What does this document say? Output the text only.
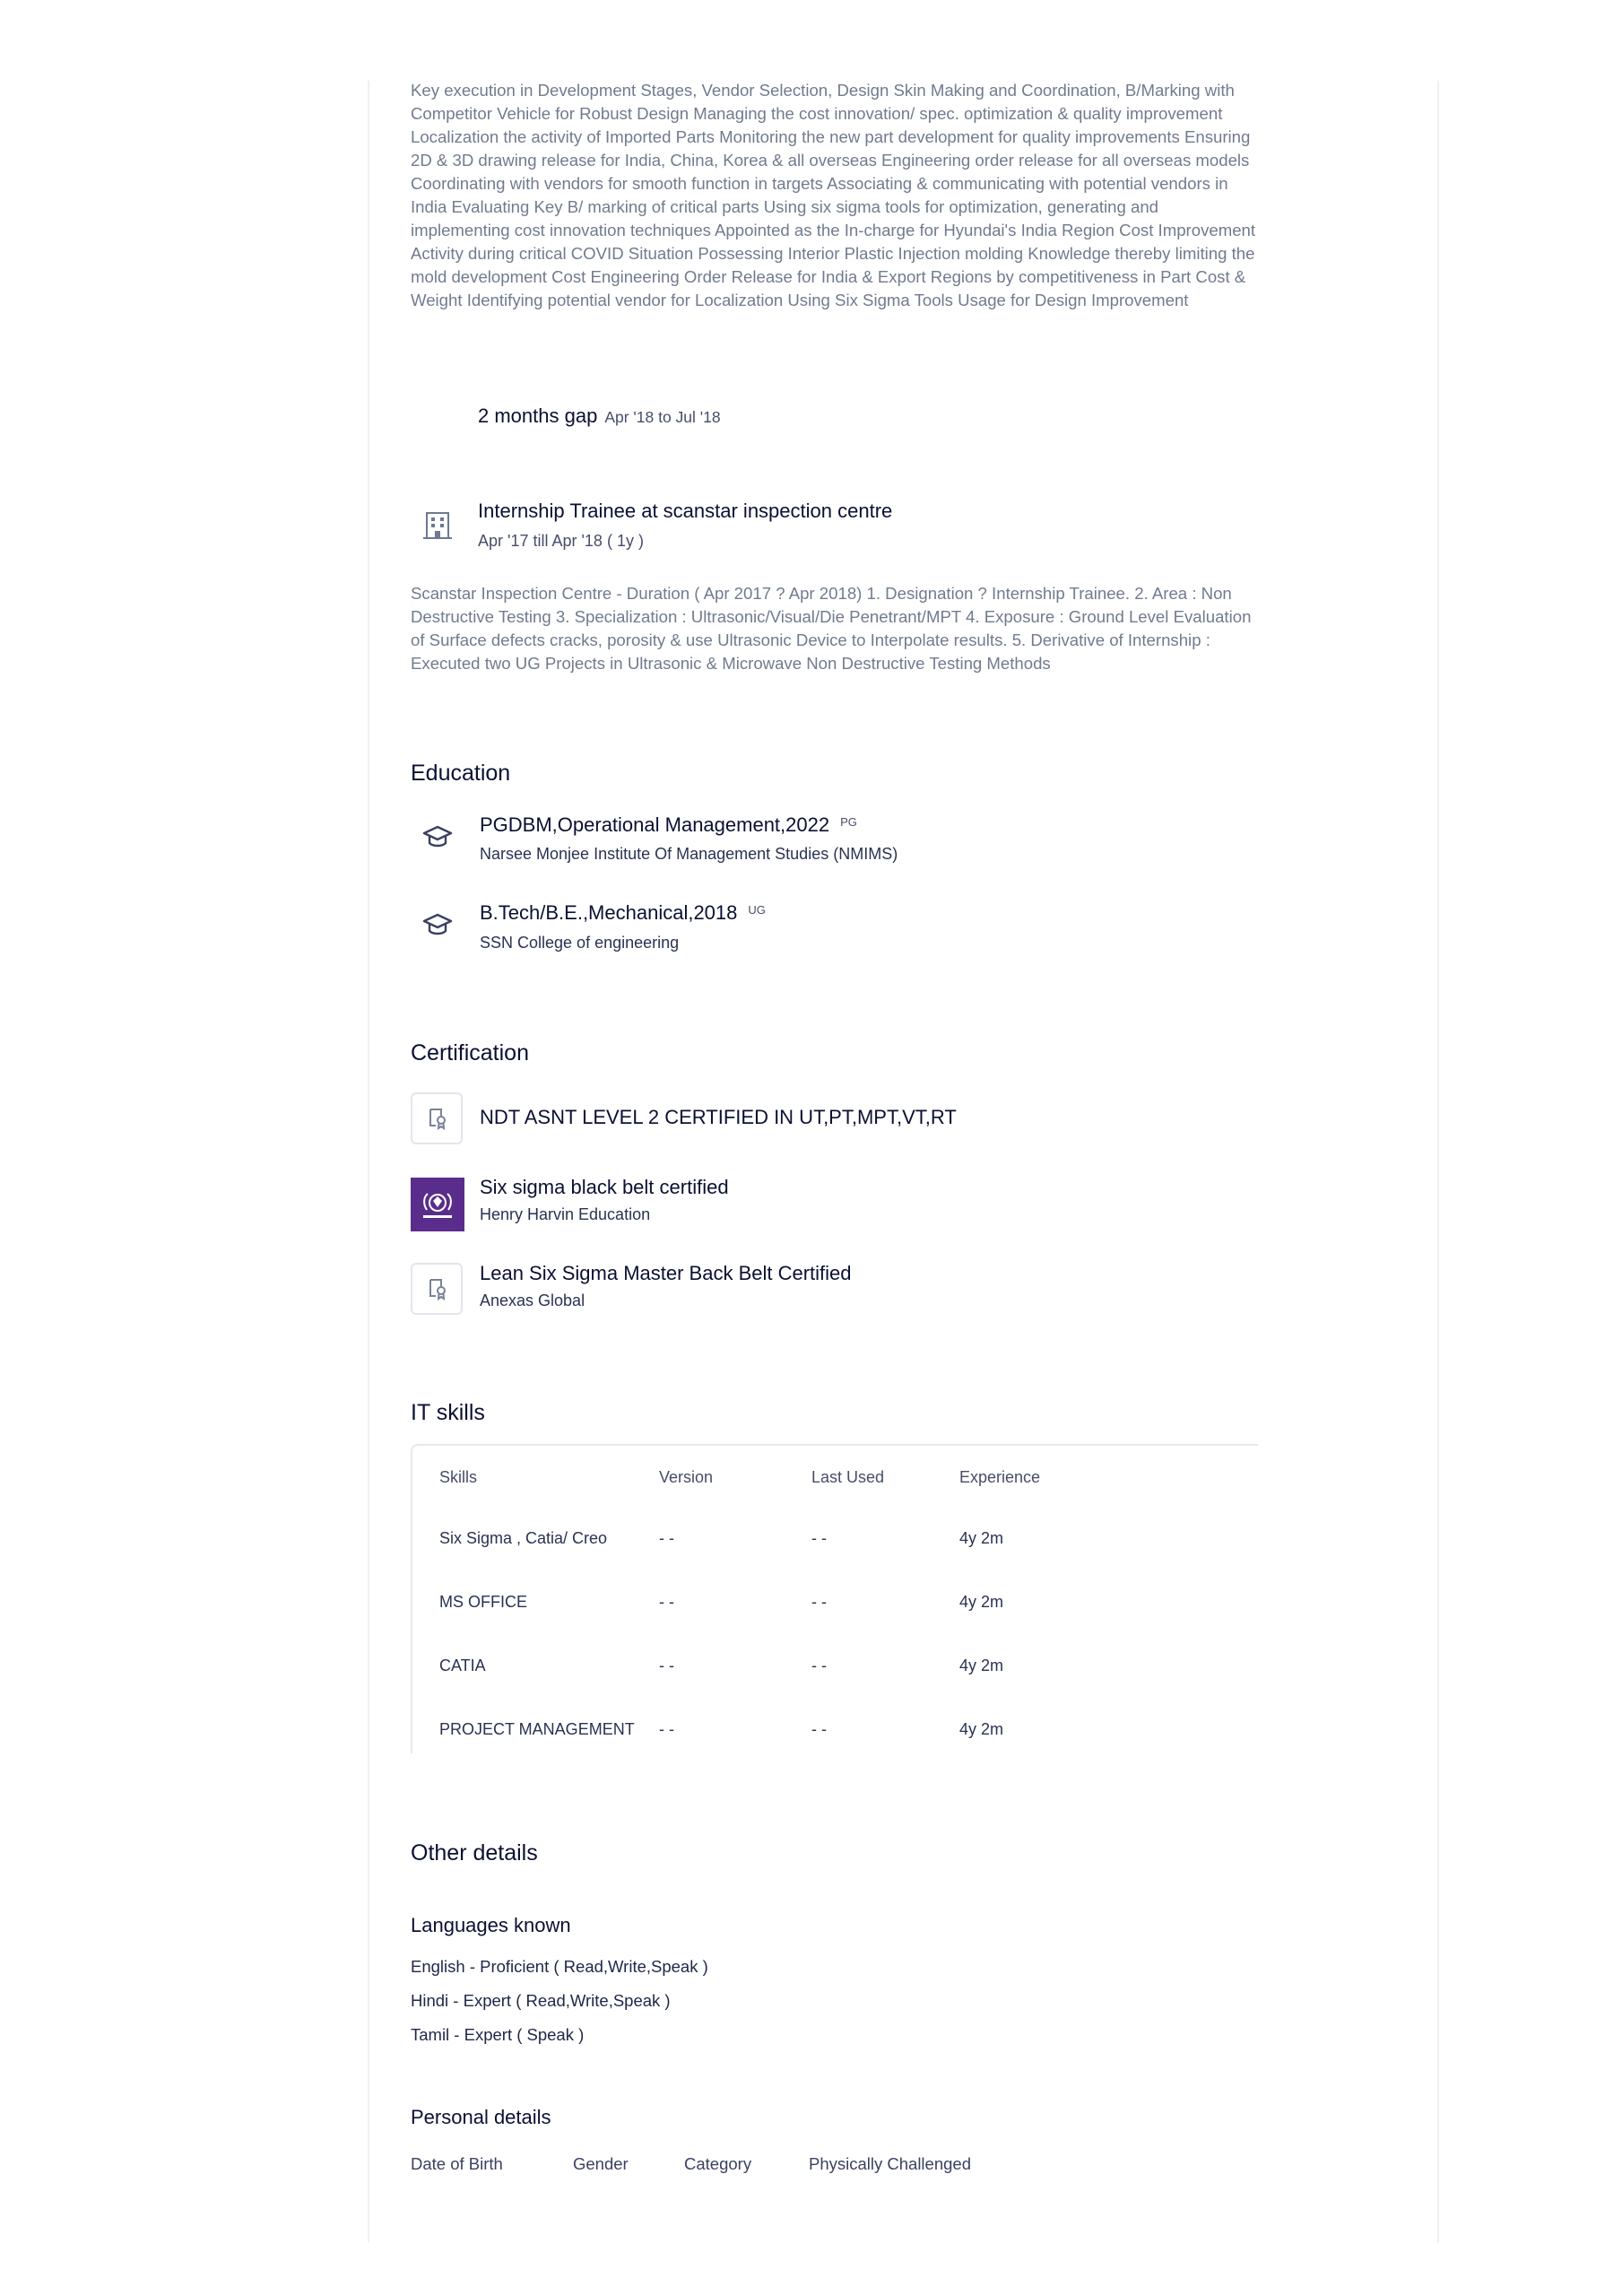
Key execution in Development Stages, Vendor Selection, Design Skin Making and Coordination, B/Marking with Competitor Vehicle for Robust Design Managing the cost innovation/ spec. optimization & quality improvement Localization the activity of Imported Parts Monitoring the new part development for quality improvements Ensuring 2D & 3D drawing release for India, China, Korea & all overseas Engineering order release for all overseas models Coordinating with vendors for smooth function in targets Associating & communicating with potential vendors in India Evaluating Key B/ marking of critical parts Using six sigma tools for optimization, generating and implementing cost innovation techniques Appointed as the In-charge for Hyundai's India Region Cost Improvement Activity during critical COVID Situation Possessing Interior Plastic Injection molding Knowledge thereby limiting the mold development Cost Engineering Order Release for India & Export Regions by competitiveness in Part Cost & Weight Identifying potential vendor for Localization Using Six Sigma Tools Usage for Design Improvement
2 months gap Apr '18 to Jul '18
Internship Trainee at scanstar inspection centre
Apr '17 till Apr '18 ( 1y )
Scanstar Inspection Centre - Duration ( Apr 2017 ? Apr 2018) 1. Designation ? Internship Trainee. 2. Area : Non Destructive Testing 3. Specialization : Ultrasonic/Visual/Die Penetrant/MPT 4. Exposure : Ground Level Evaluation of Surface defects cracks, porosity & use Ultrasonic Device to Interpolate results. 5. Derivative of Internship : Executed two UG Projects in Ultrasonic & Microwave Non Destructive Testing Methods
Education
PGDBM,Operational Management,2022 $^{PG}$
Narsee Monjee Institute Of Management Studies (NMIMS)
B.Tech/B.E.,Mechanical,2018 $^{UG}$
SSN College of engineering
Certification
NDT ASNT LEVEL 2 CERTIFIED IN UT,PT,MPT,VT,RT
Six sigma black belt certified
Henry Harvin Education
Lean Six Sigma Master Back Belt Certified
Anexas Global
IT skills
Skills	Version	Last Used	Experience
Six Sigma , Catia/ Creo	- -	- -	4y 2m
MS OFFICE	- -	- -	4y 2m
CATIA	- -	- -	4y 2m
PROJECT MANAGEMENT - -	- -	4y 2m
Other details
Languages known
English - Proficient ( Read,Write,Speak )
Hindi - Expert ( Read,Write,Speak )
Tamil - Expert ( Speak )
Personal details
Date of Birth	Gender	Category	Physically Challenged
